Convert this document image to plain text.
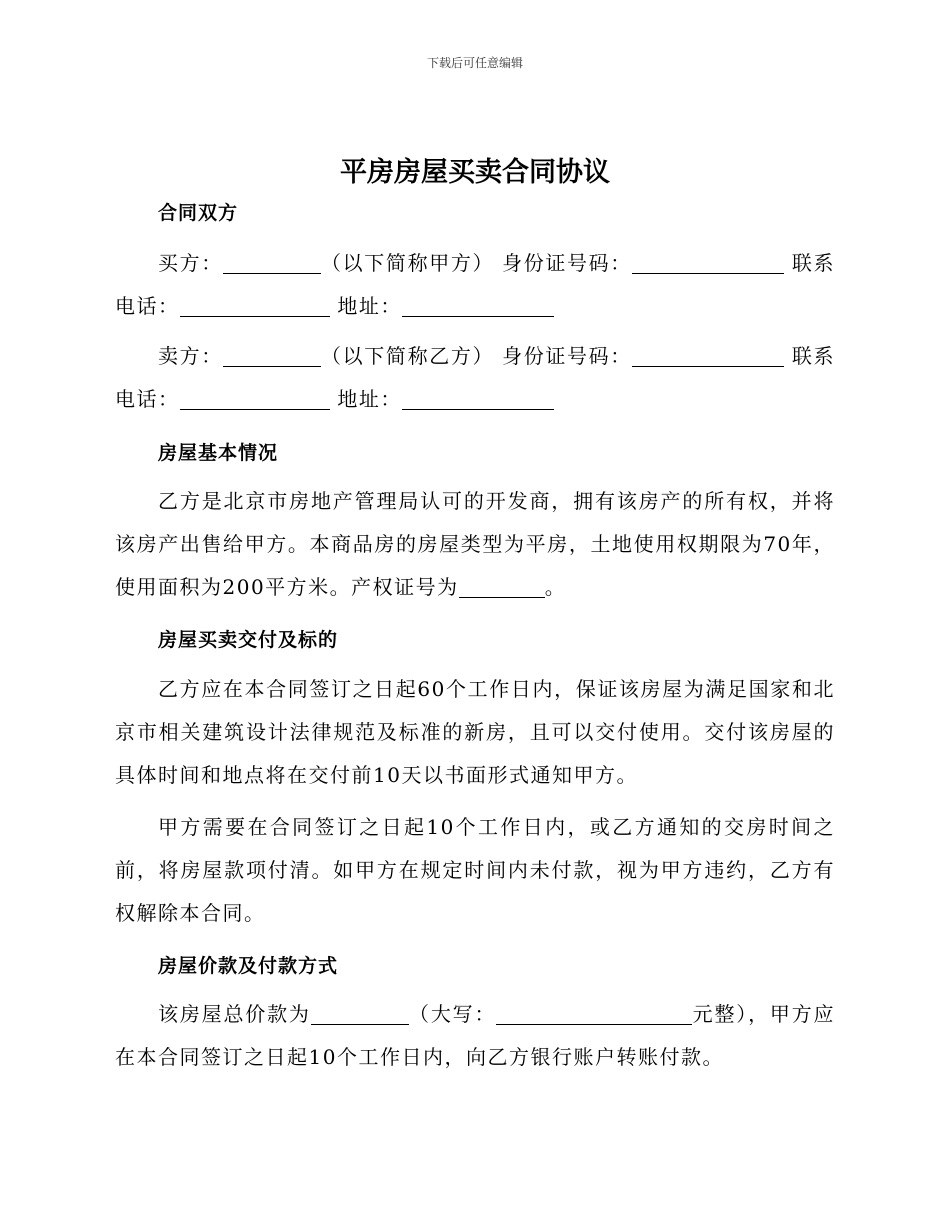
下载后可任意编辑
平房房屋买卖合同协议
合同双方
买方：	（以下简称甲方） 身份证号码：	联系电话：	地址：
卖方：	（以下简称乙方） 身份证号码：	联系电话：	地址：
房屋基本情况
乙方是北京市房地产管理局认可的开发商，拥有该房产的所有权，并将该房产出售给甲方。本商品房的房屋类型为平房，土地使用权期限为70年，使用面积为200平方米。产权证号为	。
房屋买卖交付及标的
乙方应在本合同签订之日起60个工作日内，保证该房屋为满足国家和北京市相关建筑设计法律规范及标准的新房，且可以交付使用。交付该房屋的具体时间和地点将在交付前10天以书面形式通知甲方。
甲方需要在合同签订之日起10个工作日内，或乙方通知的交房时间之前，将房屋款项付清。如甲方在规定时间内未付款，视为甲方违约，乙方有权解除本合同。
房屋价款及付款方式
该房屋总价款为	（大写：	元整），甲方应在本合同签订之日起10个工作日内，向乙方银行账户转账付款。
